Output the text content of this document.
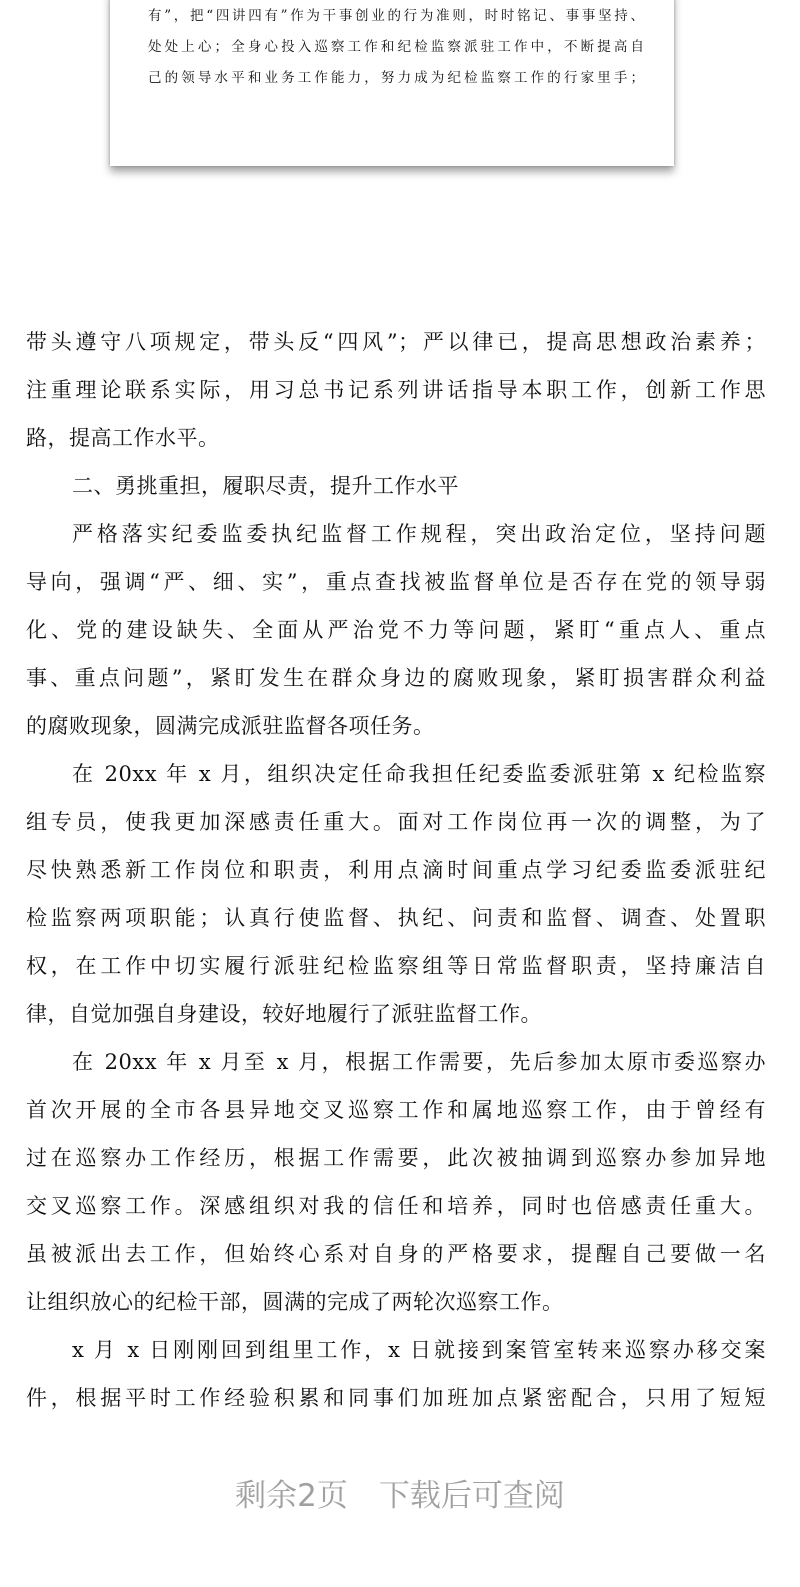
有”，把“四讲四有”作为干事创业的行为准则，时时铭记、事事坚持、
处处上心；全身心投入巡察工作和纪检监察派驻工作中，不断提高自
己的领导水平和业务工作能力，努力成为纪检监察工作的行家里手；
带头遵守八项规定，带头反“四风”；严以律已，提高思想政治素养；
注重理论联系实际，用习总书记系列讲话指导本职工作，创新工作思
路，提高工作水平。
二、勇挑重担，履职尽责，提升工作水平
严格落实纪委监委执纪监督工作规程，突出政治定位，坚持问题
导向，强调“严、细、实”，重点查找被监督单位是否存在党的领导弱
化、党的建设缺失、全面从严治党不力等问题，紧盯“重点人、重点
事、重点问题”，紧盯发生在群众身边的腐败现象，紧盯损害群众利益
的腐败现象，圆满完成派驻监督各项任务。
在 20xx 年 x 月，组织决定任命我担任纪委监委派驻第 x 纪检监察
组专员，使我更加深感责任重大。面对工作岗位再一次的调整，为了
尽快熟悉新工作岗位和职责，利用点滴时间重点学习纪委监委派驻纪
检监察两项职能；认真行使监督、执纪、问责和监督、调查、处置职
权，在工作中切实履行派驻纪检监察组等日常监督职责，坚持廉洁自
律，自觉加强自身建设，较好地履行了派驻监督工作。
在 20xx 年 x 月至 x 月，根据工作需要，先后参加太原市委巡察办
首次开展的全市各县异地交叉巡察工作和属地巡察工作，由于曾经有
过在巡察办工作经历，根据工作需要，此次被抽调到巡察办参加异地
交叉巡察工作。深感组织对我的信任和培养，同时也倍感责任重大。
虽被派出去工作，但始终心系对自身的严格要求，提醒自己要做一名
让组织放心的纪检干部，圆满的完成了两轮次巡察工作。
x 月 x 日刚刚回到组里工作，x 日就接到案管室转来巡察办移交案
件，根据平时工作经验积累和同事们加班加点紧密配合，只用了短短
剩余2页　下载后可查阅
